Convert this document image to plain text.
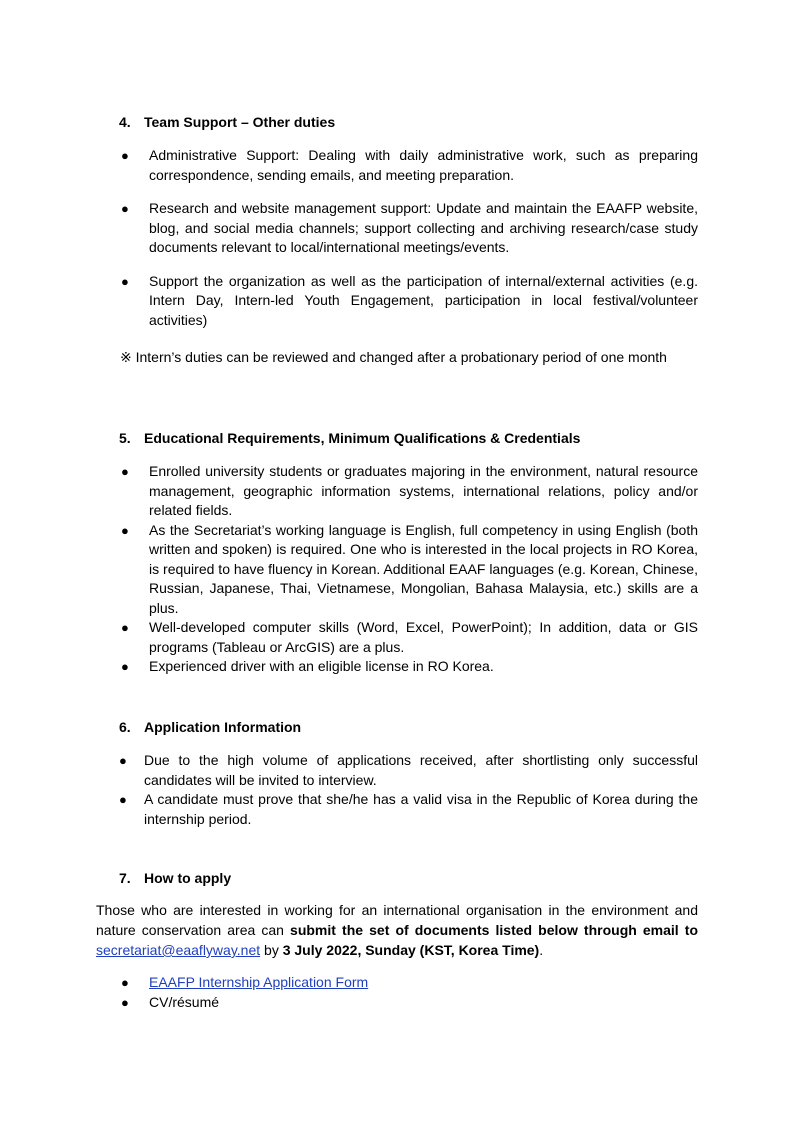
4. Team Support – Other duties
● Administrative Support: Dealing with daily administrative work, such as preparing correspondence, sending emails, and meeting preparation.
● Research and website management support: Update and maintain the EAAFP website, blog, and social media channels; support collecting and archiving research/case study documents relevant to local/international meetings/events.
● Support the organization as well as the participation of internal/external activities (e.g. Intern Day, Intern-led Youth Engagement, participation in local festival/volunteer activities)
※ Intern’s duties can be reviewed and changed after a probationary period of one month
5. Educational Requirements, Minimum Qualifications & Credentials
● Enrolled university students or graduates majoring in the environment, natural resource management, geographic information systems, international relations, policy and/or related fields.
● As the Secretariat’s working language is English, full competency in using English (both written and spoken) is required. One who is interested in the local projects in RO Korea, is required to have fluency in Korean. Additional EAAF languages (e.g. Korean, Chinese, Russian, Japanese, Thai, Vietnamese, Mongolian, Bahasa Malaysia, etc.) skills are a plus.
● Well-developed computer skills (Word, Excel, PowerPoint); In addition, data or GIS programs (Tableau or ArcGIS) are a plus.
● Experienced driver with an eligible license in RO Korea.
6. Application Information
● Due to the high volume of applications received, after shortlisting only successful candidates will be invited to interview.
● A candidate must prove that she/he has a valid visa in the Republic of Korea during the internship period.
7. How to apply
Those who are interested in working for an international organisation in the environment and nature conservation area can submit the set of documents listed below through email to secretariat@eaaflyway.net by 3 July 2022, Sunday (KST, Korea Time).
● EAAFP Internship Application Form
● CV/résumé
